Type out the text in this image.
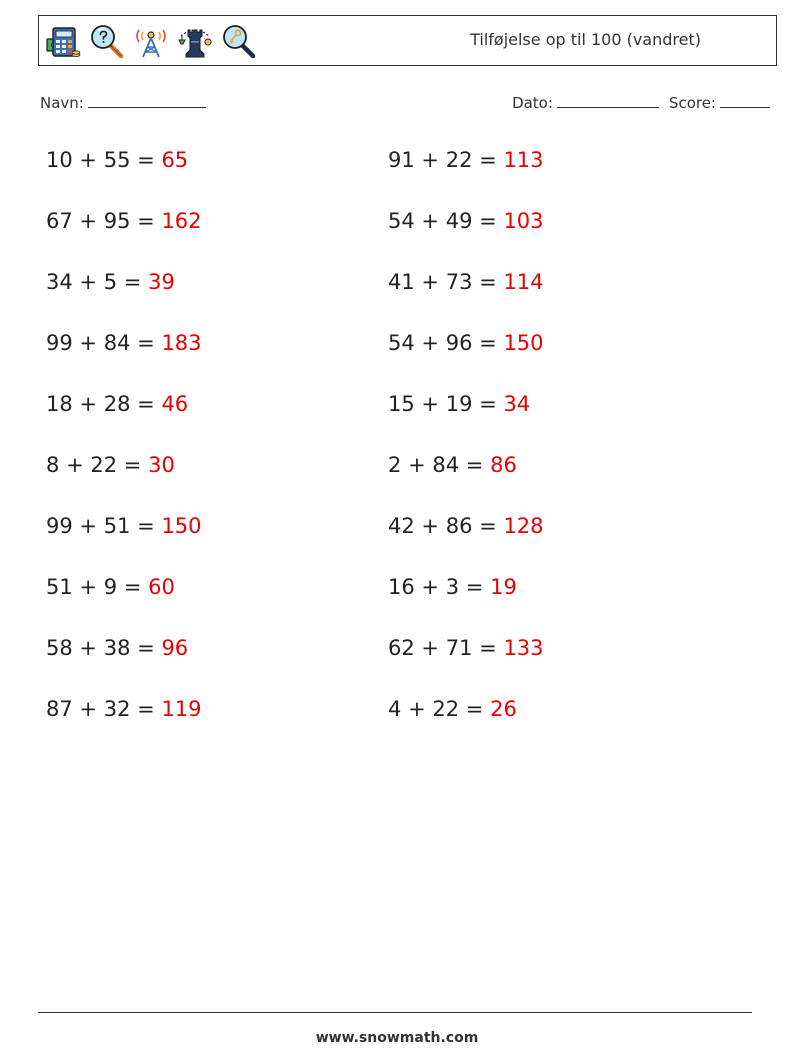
Tilføjelse op til 100 (vandret)
Navn:	Dato:	Score:
10 + 55 = 65	91 + 22 = 113
67 + 95 = 162	54 + 49 = 103
34 + 5 = 39	41 + 73 = 114
99 + 84 = 183	54 + 96 = 150
18 + 28 = 46	15 + 19 = 34
8 + 22 = 30	2 + 84 = 86
99 + 51 = 150	42 + 86 = 128
51 + 9 = 60	16 + 3 = 19
58 + 38 = 96	62 + 71 = 133
87 + 32 = 119	4 + 22 = 26
www.snowmath.com
